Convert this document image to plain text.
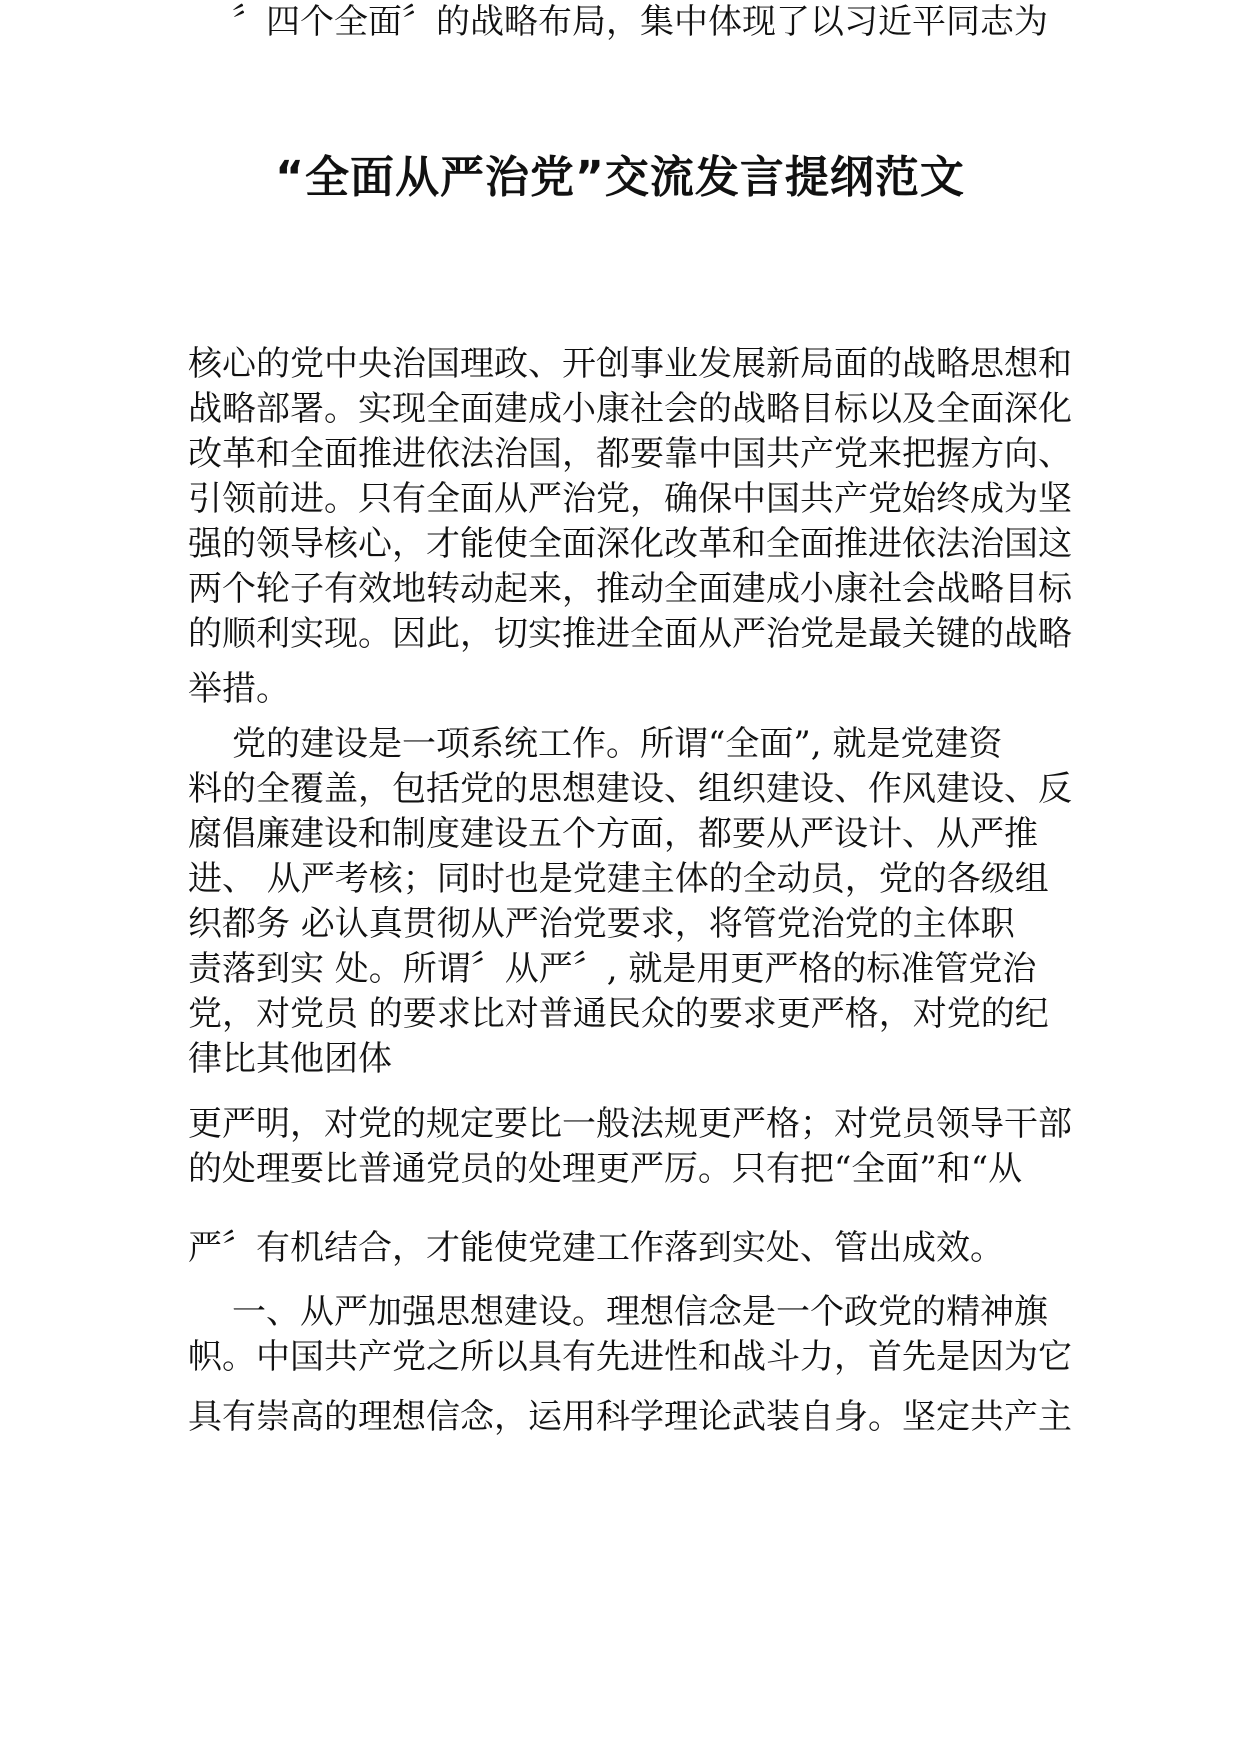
“全面从严治党”交流发言提纲范文

〞四个全面〞的战略布局，集中体现了以习近平同志为

核心的党中央治国理政、开创事业发展新局面的战略思想和

战略部署。实现全面建成小康社会的战略目标以及全面深化

改革和全面推进依法治国，都要靠中国共产党来把握方向、

引领前进。只有全面从严治党，确保中国共产党始终成为坚

强的领导核心，才能使全面深化改革和全面推进依法治国这

两个轮子有效地转动起来，推动全面建成小康社会战略目标

的顺利实现。因此，切实推进全面从严治党是最关键的战略

举措。

党的建设是一项系统工作。所谓“全面”, 就是党建资

料的全覆盖，包括党的思想建设、组织建设、作风建设、反

腐倡廉建设和制度建设五个方面，都要从严设计、从严推

进、 从严考核；同时也是党建主体的全动员，党的各级组

织都务 必认真贯彻从严治党要求，将管党治党的主体职

责落到实 处。所谓〞从严〞, 就是用更严格的标准管党治

党，对党员 的要求比对普通民众的要求更严格，对党的纪

律比其他团体

更严明，对党的规定要比一般法规更严格；对党员领导干部

的处理要比普通党员的处理更严厉。只有把“全面”和“从

严〞有机结合，才能使党建工作落到实处、管出成效。

一、从严加强思想建设。理想信念是一个政党的精神旗

帜。中国共产党之所以具有先进性和战斗力，首先是因为它

具有崇高的理想信念，运用科学理论武装自身。坚定共产主
